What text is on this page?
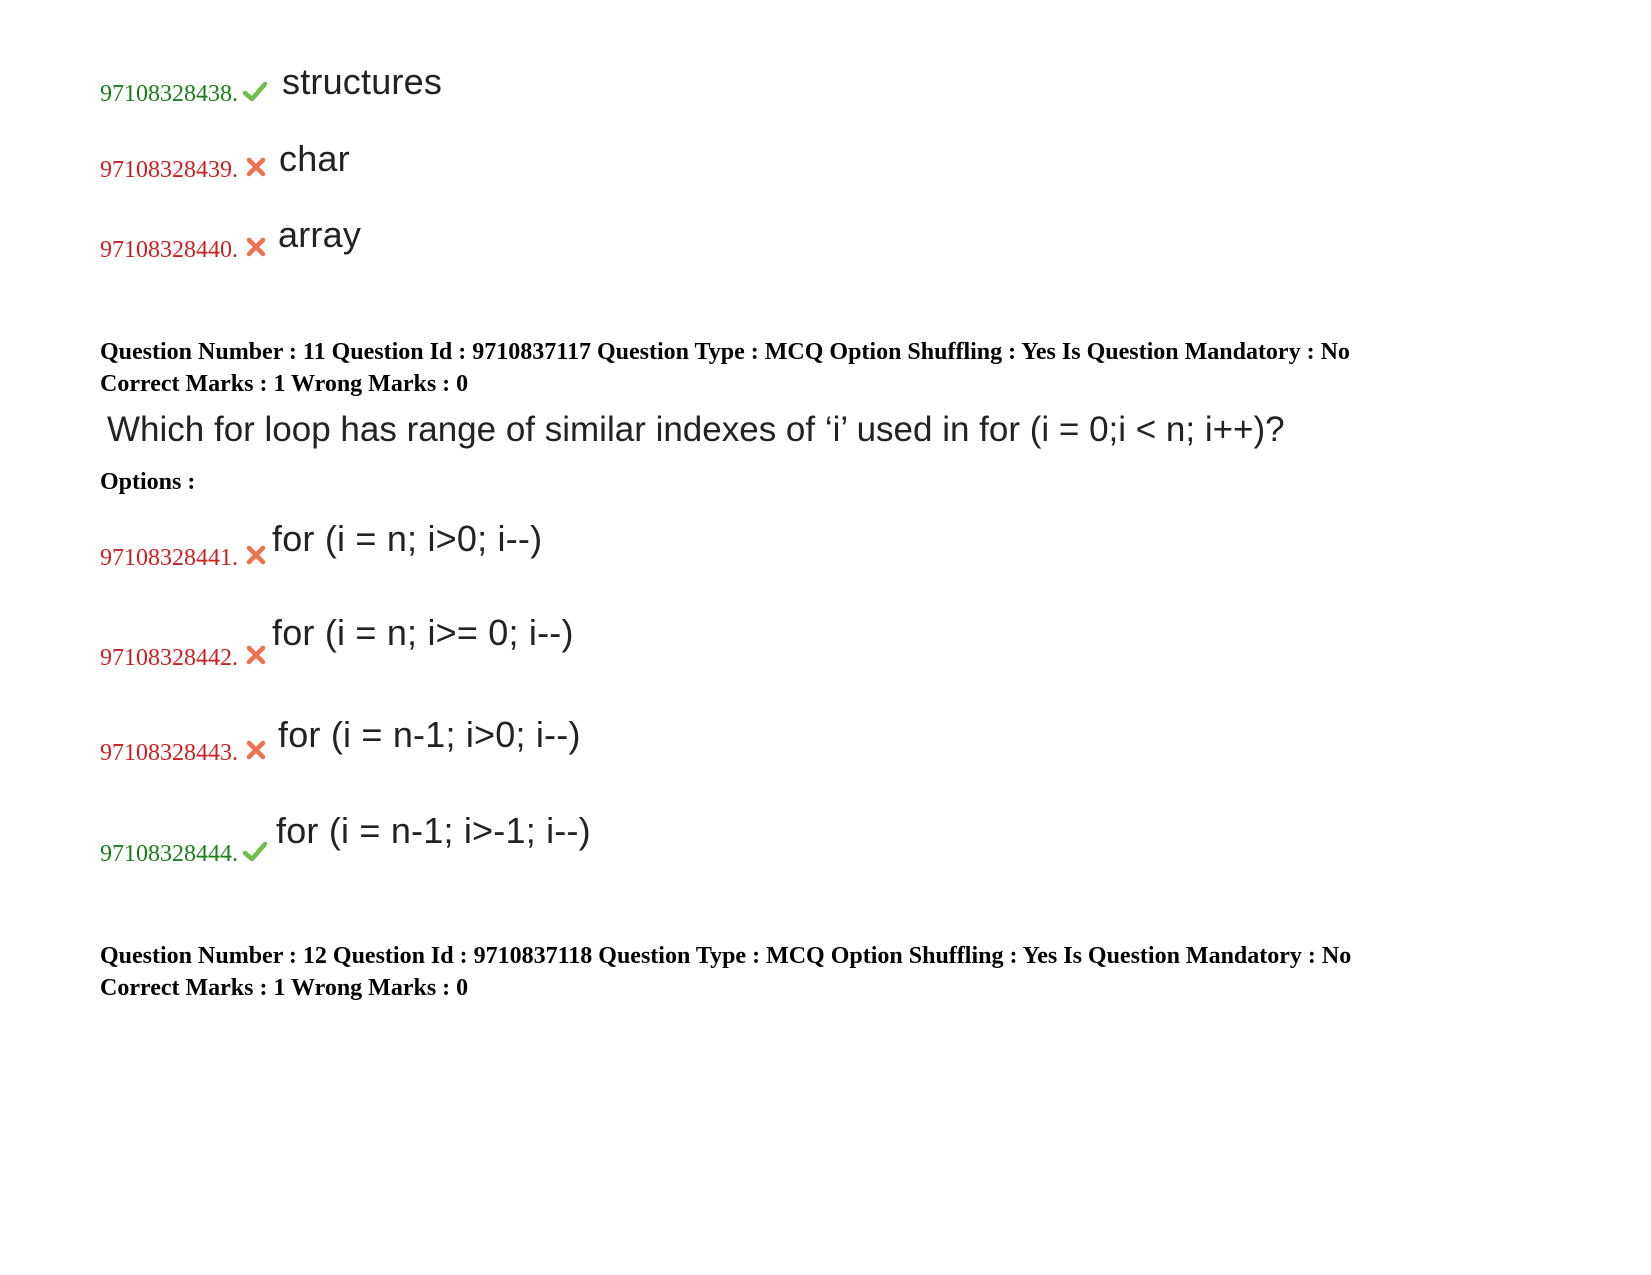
97108328438. structures
97108328439. char
97108328440. array
Question Number : 11 Question Id : 9710837117 Question Type : MCQ Option Shuffling : Yes Is Question Mandatory : No
Correct Marks : 1 Wrong Marks : 0
Which for loop has range of similar indexes of ‘i’ used in for (i = 0;i < n; i++)?
Options :
97108328441. for (i = n; i>0; i--)
97108328442.
for (i = n; i>= 0; i--)
97108328443. for (i = n-1; i>0; i--)
97108328444.
for (i = n-1; i>-1; i--)
Question Number : 12 Question Id : 9710837118 Question Type : MCQ Option Shuffling : Yes Is Question Mandatory : No
Correct Marks : 1 Wrong Marks : 0
